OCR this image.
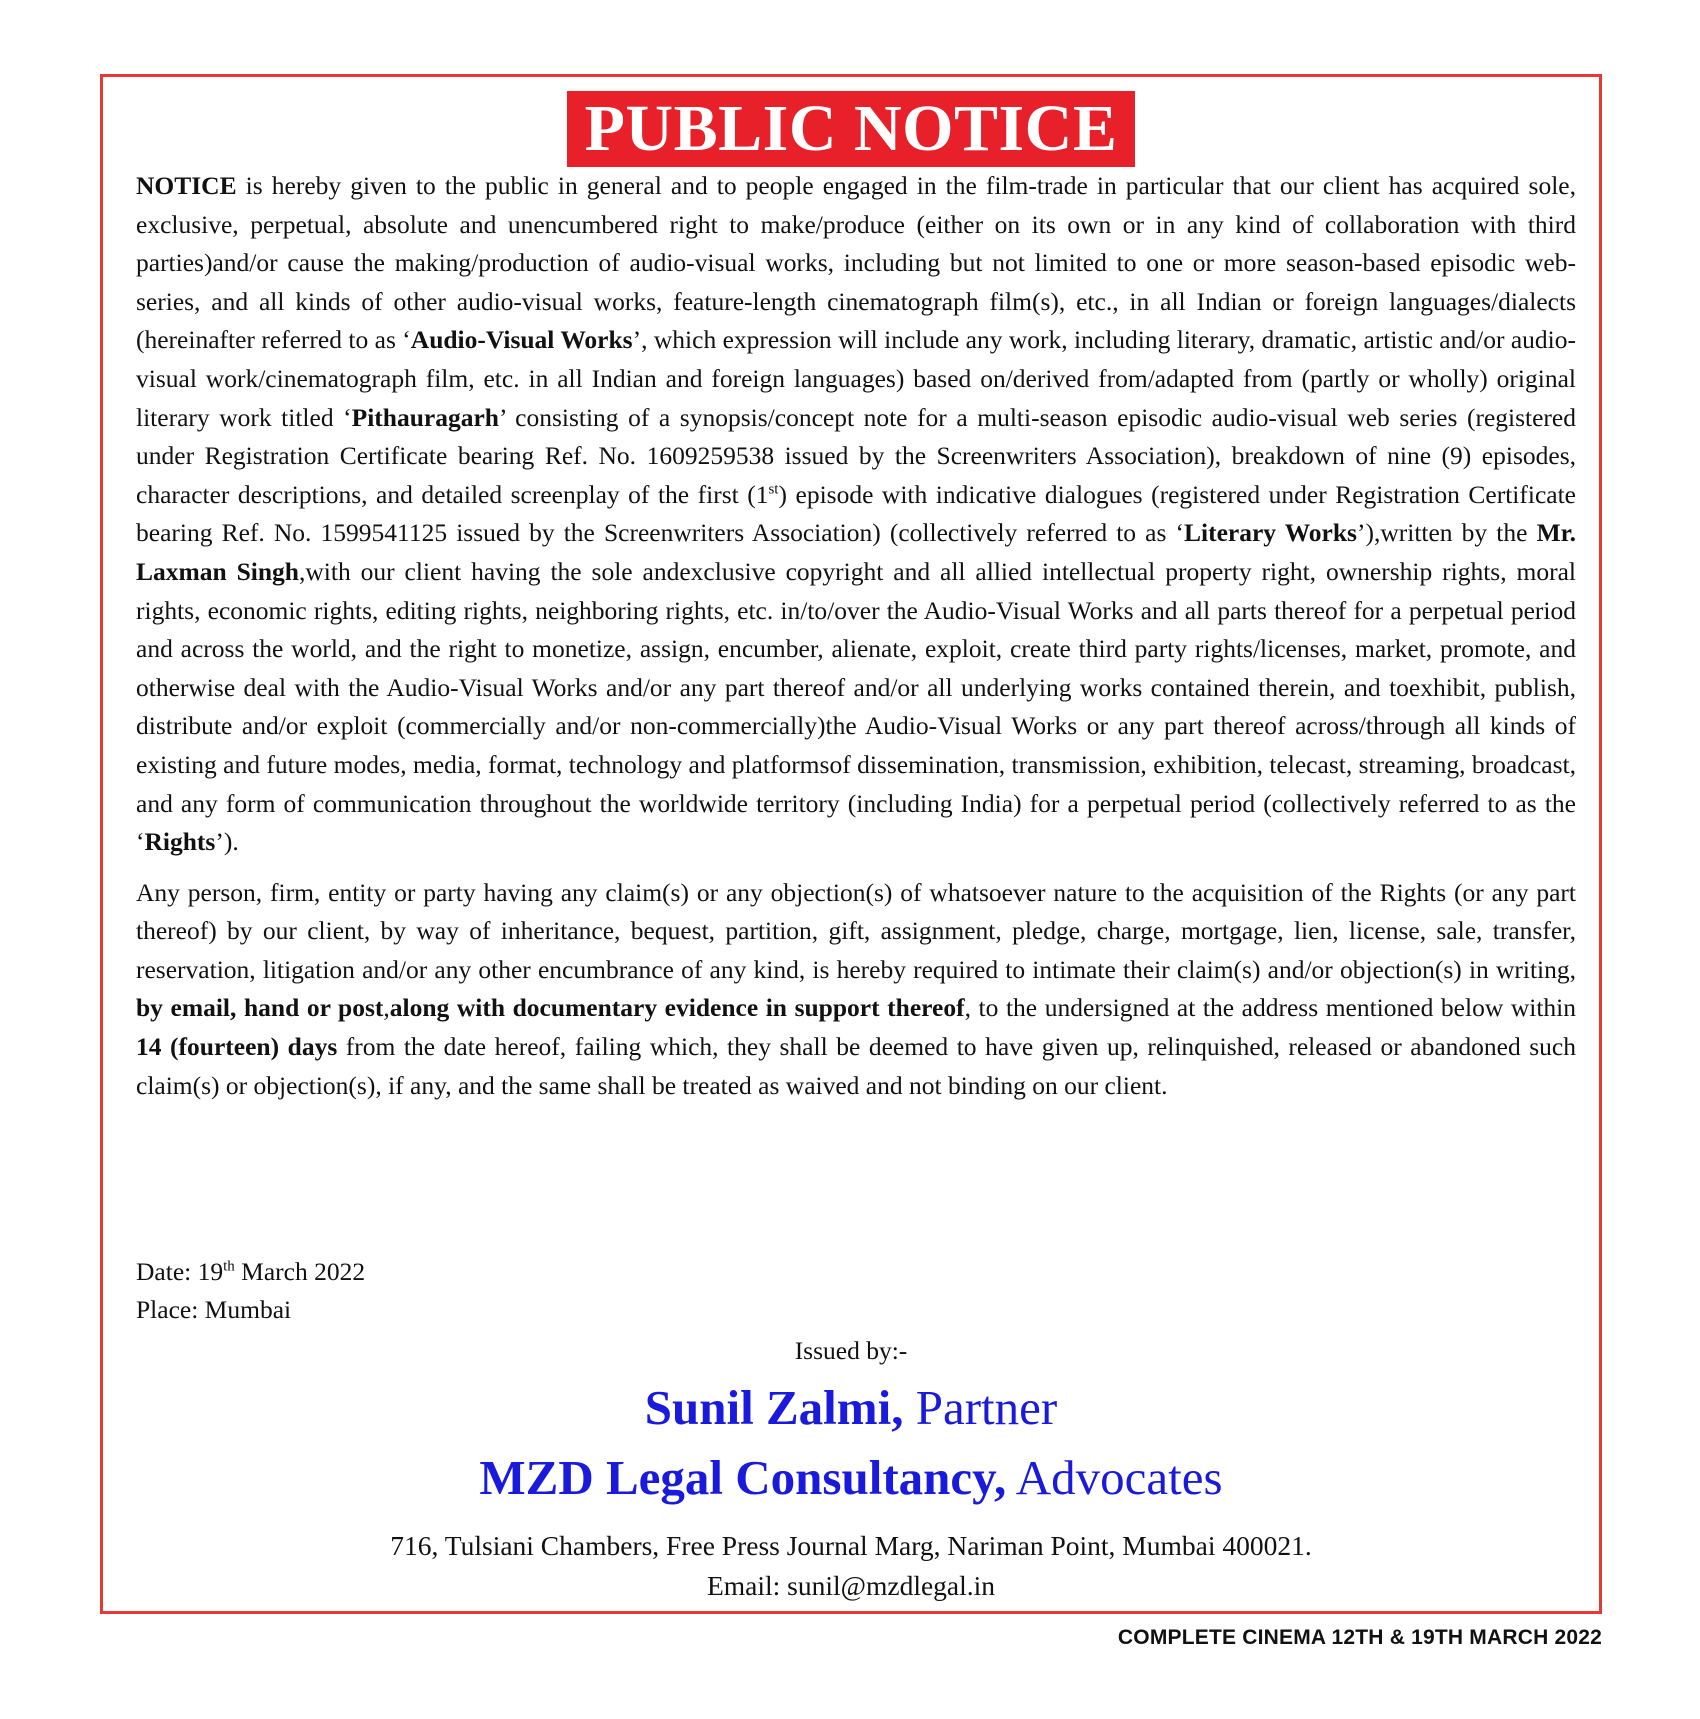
PUBLIC NOTICE

NOTICE is hereby given to the public in general and to people engaged in the film-trade in particular that our client has acquired sole, exclusive, perpetual, absolute and unencumbered right to make/produce (either on its own or in any kind of collaboration with third parties)and/or cause the making/production of audio-visual works, including but not limited to one or more season-based episodic web-series, and all kinds of other audio-visual works, feature-length cinematograph film(s), etc., in all Indian or foreign languages/dialects (hereinafter referred to as ‘Audio-Visual Works’, which expression will include any work, including literary, dramatic, artistic and/or audio-visual work/cinematograph film, etc. in all Indian and foreign languages) based on/derived from/adapted from (partly or wholly) original literary work titled ‘Pithauragarh’ consisting of a synopsis/concept note for a multi-season episodic audio-visual web series (registered under Registration Certificate bearing Ref. No. 1609259538 issued by the Screenwriters Association), breakdown of nine (9) episodes, character descriptions, and detailed screenplay of the first (1st) episode with indicative dialogues (registered under Registration Certificate bearing Ref. No. 1599541125 issued by the Screenwriters Association) (collectively referred to as ‘Literary Works’),written by the Mr. Laxman Singh,with our client having the sole andexclusive copyright and all allied intellectual property right, ownership rights, moral rights, economic rights, editing rights, neighboring rights, etc. in/to/over the Audio-Visual Works and all parts thereof for a perpetual period and across the world, and the right to monetize, assign, encumber, alienate, exploit, create third party rights/licenses, market, promote, and otherwise deal with the Audio-Visual Works and/or any part thereof and/or all underlying works contained therein, and toexhibit, publish, distribute and/or exploit (commercially and/or non-commercially)the Audio-Visual Works or any part thereof across/through all kinds of existing and future modes, media, format, technology and platformsof dissemination, transmission, exhibition, telecast, streaming, broadcast, and any form of communication throughout the worldwide territory (including India) for a perpetual period (collectively referred to as the ‘Rights’).

Any person, firm, entity or party having any claim(s) or any objection(s) of whatsoever nature to the acquisition of the Rights (or any part thereof) by our client, by way of inheritance, bequest, partition, gift, assignment, pledge, charge, mortgage, lien, license, sale, transfer, reservation, litigation and/or any other encumbrance of any kind, is hereby required to intimate their claim(s) and/or objection(s) in writing, by email, hand or post,along with documentary evidence in support thereof, to the undersigned at the address mentioned below within 14 (fourteen) days from the date hereof, failing which, they shall be deemed to have given up, relinquished, released or abandoned such claim(s) or objection(s), if any, and the same shall be treated as waived and not binding on our client.

Date: 19th March 2022
Place: Mumbai
Issued by:-
Sunil Zalmi, Partner
MZD Legal Consultancy, Advocates
716, Tulsiani Chambers, Free Press Journal Marg, Nariman Point, Mumbai 400021.
Email: sunil@mzdlegal.in
COMPLETE CINEMA 12TH & 19TH MARCH 2022
